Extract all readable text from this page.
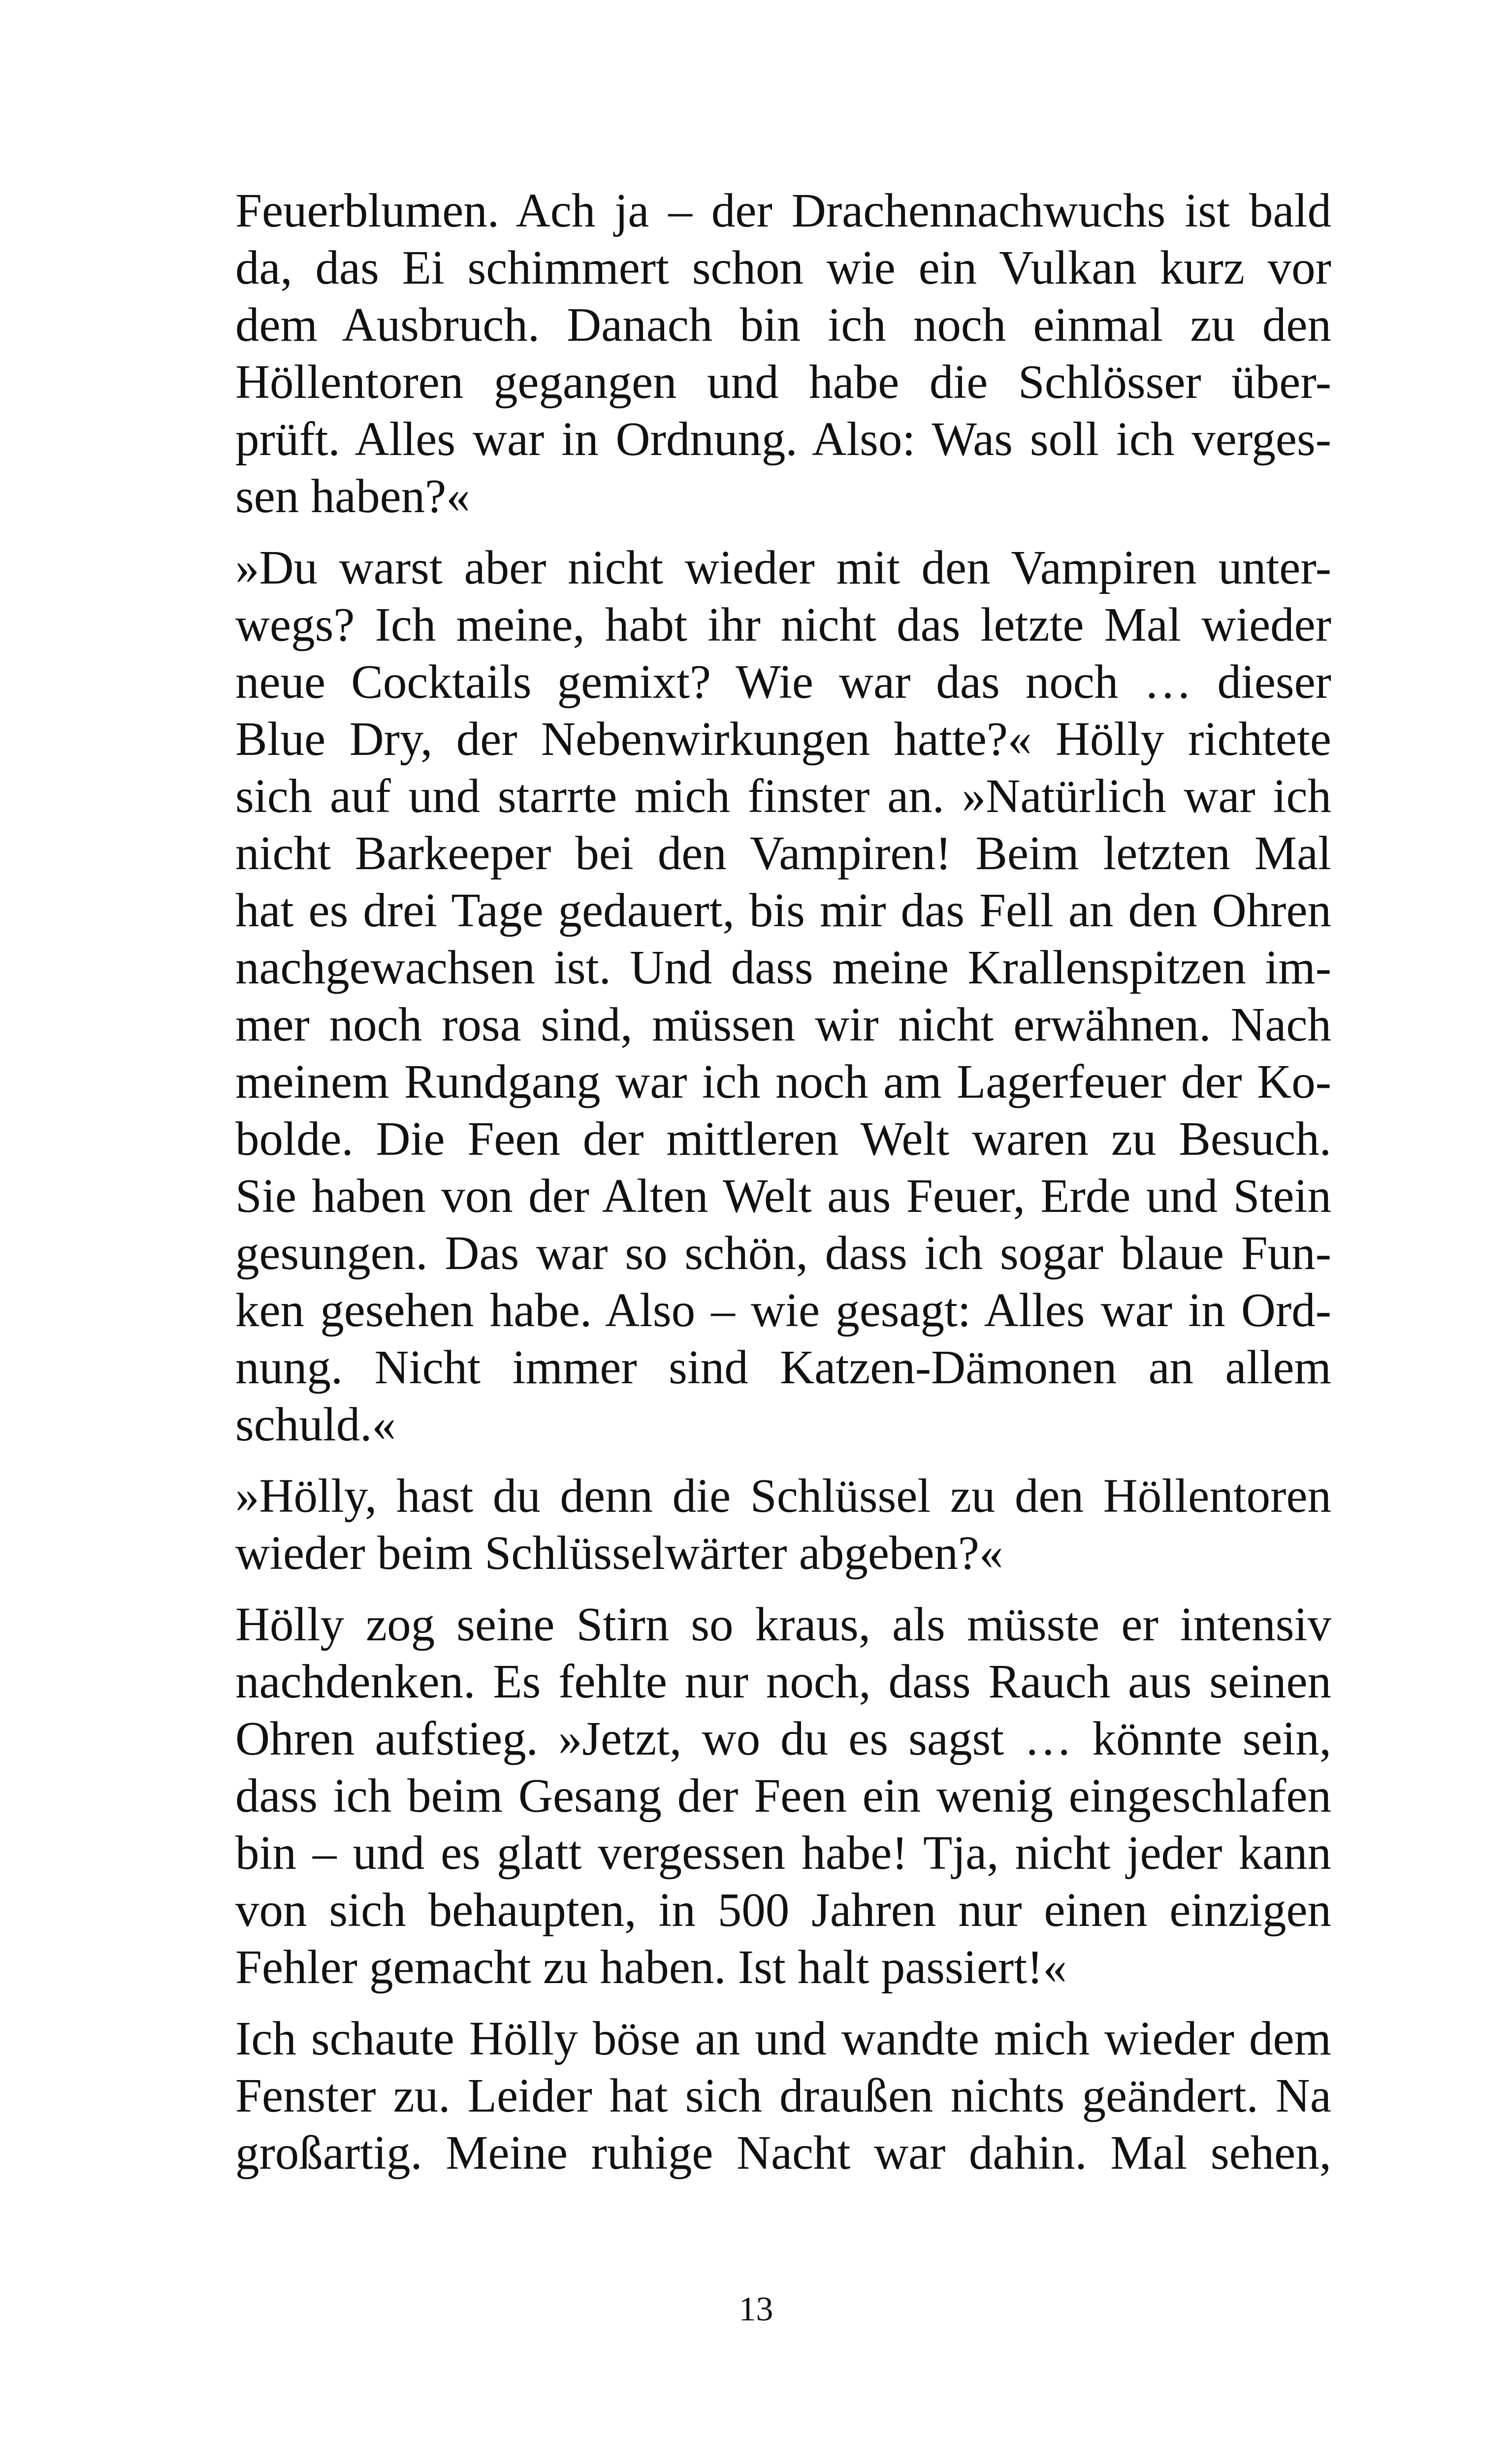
Feuerblumen. Ach ja – der Drachennachwuchs ist bald
da, das Ei schimmert schon wie ein Vulkan kurz vor
dem Ausbruch. Danach bin ich noch einmal zu den
Höllentoren gegangen und habe die Schlösser über-
prüft. Alles war in Ordnung. Also: Was soll ich verges-
sen haben?«
»Du warst aber nicht wieder mit den Vampiren unter-
wegs? Ich meine, habt ihr nicht das letzte Mal wieder
neue Cocktails gemixt? Wie war das noch … dieser
Blue Dry, der Nebenwirkungen hatte?« Hölly richtete
sich auf und starrte mich finster an. »Natürlich war ich
nicht Barkeeper bei den Vampiren! Beim letzten Mal
hat es drei Tage gedauert, bis mir das Fell an den Ohren
nachgewachsen ist. Und dass meine Krallenspitzen im-
mer noch rosa sind, müssen wir nicht erwähnen. Nach
meinem Rundgang war ich noch am Lagerfeuer der Ko-
bolde. Die Feen der mittleren Welt waren zu Besuch.
Sie haben von der Alten Welt aus Feuer, Erde und Stein
gesungen. Das war so schön, dass ich sogar blaue Fun-
ken gesehen habe. Also – wie gesagt: Alles war in Ord-
nung. Nicht immer sind Katzen-Dämonen an allem
schuld.«
»Hölly, hast du denn die Schlüssel zu den Höllentoren
wieder beim Schlüsselwärter abgeben?«
Hölly zog seine Stirn so kraus, als müsste er intensiv
nachdenken. Es fehlte nur noch, dass Rauch aus seinen
Ohren aufstieg. »Jetzt, wo du es sagst … könnte sein,
dass ich beim Gesang der Feen ein wenig eingeschlafen
bin – und es glatt vergessen habe! Tja, nicht jeder kann
von sich behaupten, in 500 Jahren nur einen einzigen
Fehler gemacht zu haben. Ist halt passiert!«
Ich schaute Hölly böse an und wandte mich wieder dem
Fenster zu. Leider hat sich draußen nichts geändert. Na
großartig. Meine ruhige Nacht war dahin. Mal sehen,
13
